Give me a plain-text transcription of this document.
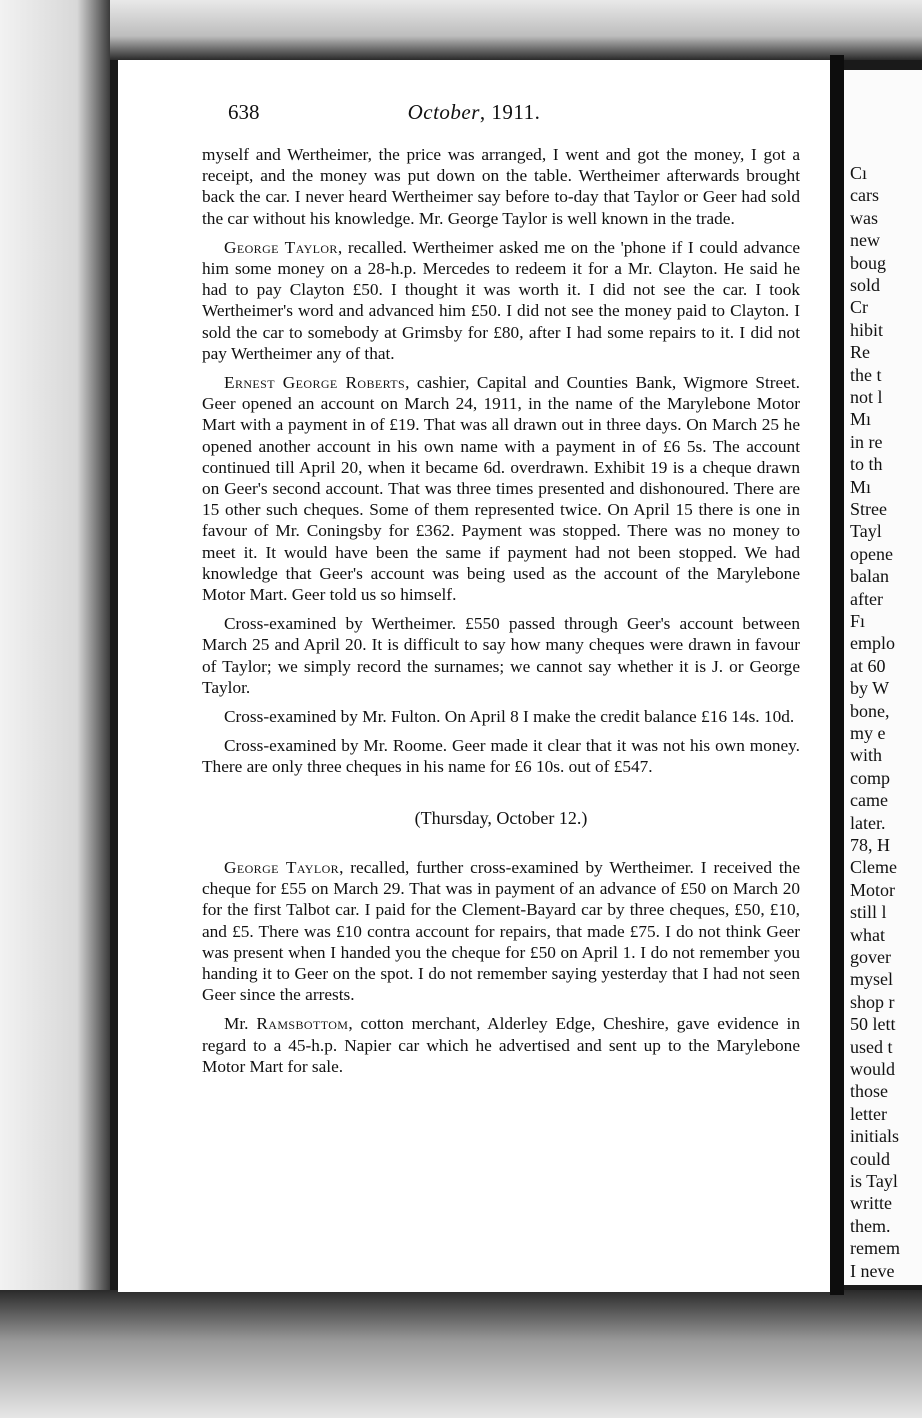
638	October, 1911.

myself and Wertheimer, the price was arranged, I went and got the money, I got a receipt, and the money was put down on the table. Wertheimer afterwards brought back the car. I never heard Wertheimer say before to-day that Taylor or Geer had sold the car without his knowledge. Mr. George Taylor is well known in the trade.

George Taylor, recalled. Wertheimer asked me on the 'phone if I could advance him some money on a 28-h.p. Mercedes to redeem it for a Mr. Clayton. He said he had to pay Clayton £50. I thought it was worth it. I did not see the car. I took Wertheimer's word and advanced him £50. I did not see the money paid to Clayton. I sold the car to somebody at Grimsby for £80, after I had some repairs to it. I did not pay Wertheimer any of that.

Ernest George Roberts, cashier, Capital and Counties Bank, Wigmore Street. Geer opened an account on March 24, 1911, in the name of the Marylebone Motor Mart with a payment in of £19. That was all drawn out in three days. On March 25 he opened another account in his own name with a payment in of £6 5s. The account continued till April 20, when it became 6d. overdrawn. Exhibit 19 is a cheque drawn on Geer's second account. That was three times presented and dishonoured. There are 15 other such cheques. Some of them represented twice. On April 15 there is one in favour of Mr. Coningsby for £362. Payment was stopped. There was no money to meet it. It would have been the same if payment had not been stopped. We had knowledge that Geer's account was being used as the account of the Marylebone Motor Mart. Geer told us so himself.

Cross-examined by Wertheimer. £550 passed through Geer's account between March 25 and April 20. It is difficult to say how many cheques were drawn in favour of Taylor; we simply record the surnames; we cannot say whether it is J. or George Taylor.

Cross-examined by Mr. Fulton. On April 8 I make the credit balance £16 14s. 10d.

Cross-examined by Mr. Roome. Geer made it clear that it was not his own money. There are only three cheques in his name for £6 10s. out of £547.

(Thursday, October 12.)

George Taylor, recalled, further cross-examined by Wertheimer. I received the cheque for £55 on March 29. That was in payment of an advance of £50 on March 20 for the first Talbot car. I paid for the Clement-Bayard car by three cheques, £50, £10, and £5. There was £10 contra account for repairs, that made £75. I do not think Geer was present when I handed you the cheque for £50 on April 1. I do not remember you handing it to Geer on the spot. I do not remember saying yesterday that I had not seen Geer since the arrests.

Mr. Ramsbottom, cotton merchant, Alderley Edge, Cheshire, gave evidence in regard to a 45-h.p. Napier car which he advertised and sent up to the Marylebone Motor Mart for sale.

Cı
cars
was
new
boug
sold
Cr
hibit
Re
the t
not l
Mı
in re
to th
Mı
Stree
Tayl
opene
balan
after
Fı
emplo
at 60
by W
bone,
my e
with
comp
came
later.
78, H
Cleme
Motor
still l
what
gover
mysel
shop r
50 lett
used t
would
those
letter
initials
could
is Tayl
writte
them.
remem
I neve
